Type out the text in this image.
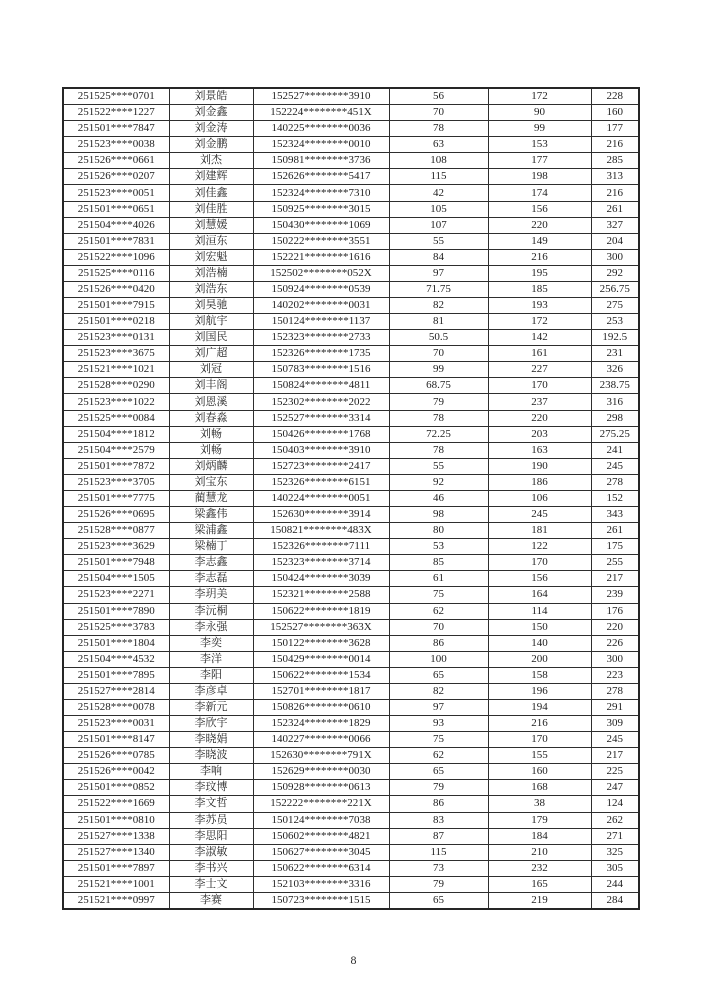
251525****0701	刘景皓	152527********3910	56	172	228
251522****1227	刘金鑫	152224********451X	70	90	160
251501****7847	刘金涛	140225********0036	78	99	177
251523****0038	刘金鹏	152324********0010	63	153	216
251526****0661	刘杰	150981********3736	108	177	285
251526****0207	刘建辉	152626********5417	115	198	313
251523****0051	刘佳鑫	152324********7310	42	174	216
251501****0651	刘佳胜	150925********3015	105	156	261
251504****4026	刘慧媛	150430********1069	107	220	327
251501****7831	刘洹东	150222********3551	55	149	204
251522****1096	刘宏魁	152221********1616	84	216	300
251525****0116	刘浩楠	152502********052X	97	195	292
251526****0420	刘浩东	150924********0539	71.75	185	256.75
251501****7915	刘昊驰	140202********0031	82	193	275
251501****0218	刘航宇	150124********1137	81	172	253
251523****0131	刘国民	152323********2733	50.5	142	192.5
251523****3675	刘广超	152326********1735	70	161	231
251521****1021	刘冠	150783********1516	99	227	326
251528****0290	刘丰阁	150824********4811	68.75	170	238.75
251523****1022	刘恩溪	152302********2022	79	237	316
251525****0084	刘春淼	152527********3314	78	220	298
251504****1812	刘畅	150426********1768	72.25	203	275.25
251504****2579	刘畅	150403********3910	78	163	241
251501****7872	刘炳麟	152723********2417	55	190	245
251523****3705	刘宝东	152326********6151	92	186	278
251501****7775	蔺慧龙	140224********0051	46	106	152
251526****0695	梁鑫伟	152630********3914	98	245	343
251528****0877	梁浦鑫	150821********483X	80	181	261
251523****3629	梁楠丁	152326********7111	53	122	175
251501****7948	李志鑫	152323********3714	85	170	255
251504****1505	李志磊	150424********3039	61	156	217
251523****2271	李玥美	152321********2588	75	164	239
251501****7890	李沅桐	150622********1819	62	114	176
251525****3783	李永强	152527********363X	70	150	220
251501****1804	李奕	150122********3628	86	140	226
251504****4532	李洋	150429********0014	100	200	300
251501****7895	李阳	150622********1534	65	158	223
251527****2814	李彦卓	152701********1817	82	196	278
251528****0078	李新元	150826********0610	97	194	291
251523****0031	李欣宇	152324********1829	93	216	309
251501****8147	李晓娟	140227********0066	75	170	245
251526****0785	李晓波	152630********791X	62	155	217
251526****0042	李响	152629********0030	65	160	225
251501****0852	李玟博	150928********0613	79	168	247
251522****1669	李文哲	152222********221X	86	38	124
251501****0810	李苏员	150124********7038	83	179	262
251527****1338	李思阳	150602********4821	87	184	271
251527****1340	李淑敏	150627********3045	115	210	325
251501****7897	李书兴	150622********6314	73	232	305
251521****1001	李士文	152103********3316	79	165	244
251521****0997	李赛	150723********1515	65	219	284
8
